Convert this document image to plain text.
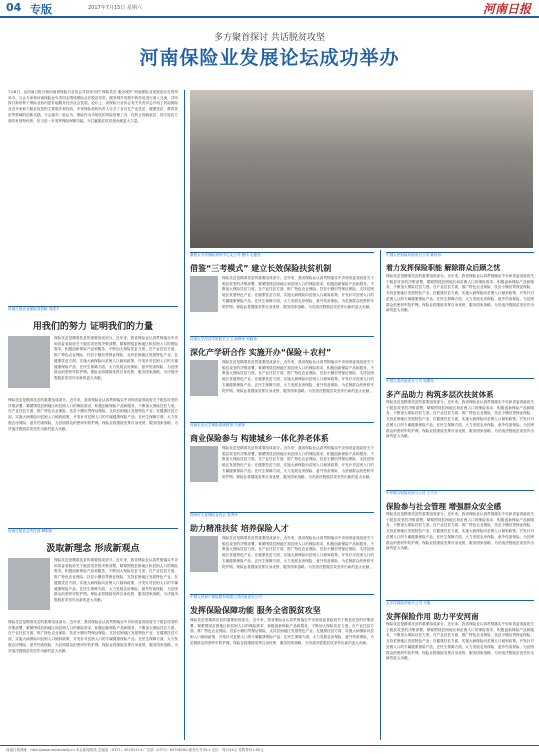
04 专版	2017年7月15日 星期六	河南日报
多方聚首探讨 共话脱贫攻坚
河南保险业发展论坛成功举办
7月8日，由河南日报社和河南省保险行业协会共同举办的“保险扶贫 服务城乡”河南保险业发展论坛在郑州举办。与会专家和河南保险业负责同志围绕保险业在脱贫攻坚、服务城乡发展中的作用进行深入交流，共同探讨新形势下保险业如何更好地服务经济社会发展。论坛上，省保险行业协会有关负责同志介绍了河南保险业近年来助力脱贫攻坚的主要做法和经验，多家保险机构负责人分享了各自在产业扶贫、健康扶贫、教育扶贫等领域的创新实践。与会嘉宾一致认为，保险作为市场化的风险管理工具，在防止因病致贫、因灾返贫方面具有独特优势，应当进一步发挥保险保障功能，为打赢脱贫攻坚战贡献更大力量。
河南日报农业保险部供稿 刘建平
用我们的努力 证明我们的力量
保险扶贫是精准扶贫的重要组成部分。近年来，我省保险业认真贯彻落实中央和省委省政府关于脱贫攻坚的决策部署，紧紧围绕贫困地区和贫困人口的保险需求，积极创新保险产品和服务，不断加大保险扶贫力度。在产业扶贫方面，推广特色农业保险、扶贫小额信贷保证保险，支持贫困地区发展特色产业；在健康扶贫方面，实施大病保险向贫困人口倾斜政策，开发针对贫困人口的专属健康保险产品；在民生保障方面，大力发展农房保险、意外伤害保险，为贫困群众织密织牢防护网。保险业将继续发挥自身优势，服务国家战略，为决战决胜脱贫攻坚作出新的更大贡献。
保险扶贫是精准扶贫的重要组成部分。近年来，我省保险业认真贯彻落实中央和省委省政府关于脱贫攻坚的决策部署，紧紧围绕贫困地区和贫困人口的保险需求，积极创新保险产品和服务，不断加大保险扶贫力度。在产业扶贫方面，推广特色农业保险、扶贫小额信贷保证保险，支持贫困地区发展特色产业；在健康扶贫方面，实施大病保险向贫困人口倾斜政策，开发针对贫困人口的专属健康保险产品；在民生保障方面，大力发展农房保险、意外伤害保险，为贫困群众织密织牢防护网。保险业将继续发挥自身优势，服务国家战略，为决战决胜脱贫攻坚作出新的更大贡献。
河南日报社会责任部 柳银萍
汲取新理念 形成新观点
保险扶贫是精准扶贫的重要组成部分。近年来，我省保险业认真贯彻落实中央和省委省政府关于脱贫攻坚的决策部署，紧紧围绕贫困地区和贫困人口的保险需求，积极创新保险产品和服务，不断加大保险扶贫力度。在产业扶贫方面，推广特色农业保险、扶贫小额信贷保证保险，支持贫困地区发展特色产业；在健康扶贫方面，实施大病保险向贫困人口倾斜政策，开发针对贫困人口的专属健康保险产品；在民生保障方面，大力发展农房保险、意外伤害保险，为贫困群众织密织牢防护网。保险业将继续发挥自身优势，服务国家战略，为决战决胜脱贫攻坚作出新的更大贡献。
保险扶贫是精准扶贫的重要组成部分。近年来，我省保险业认真贯彻落实中央和省委省政府关于脱贫攻坚的决策部署，紧紧围绕贫困地区和贫困人口的保险需求，积极创新保险产品和服务，不断加大保险扶贫力度。在产业扶贫方面，推广特色农业保险、扶贫小额信贷保证保险，支持贫困地区发展特色产业；在健康扶贫方面，实施大病保险向贫困人口倾斜政策，开发针对贫困人口的专属健康保险产品；在民生保障方面，大力发展农房保险、意外伤害保险，为贫困群众织密织牢防护网。保险业将继续发挥自身优势，服务国家战略，为决战决胜脱贫攻坚作出新的更大贡献。
重阳太平洋保险郑州中心支公司 鲁伟 毛德亮
借鉴“三考模式” 建立长效保险扶贫机制
保险扶贫是精准扶贫的重要组成部分。近年来，我省保险业认真贯彻落实中央和省委省政府关于脱贫攻坚的决策部署，紧紧围绕贫困地区和贫困人口的保险需求，积极创新保险产品和服务，不断加大保险扶贫力度。在产业扶贫方面，推广特色农业保险、扶贫小额信贷保证保险，支持贫困地区发展特色产业；在健康扶贫方面，实施大病保险向贫困人口倾斜政策，开发针对贫困人口的专属健康保险产品；在民生保障方面，大力发展农房保险、意外伤害保险，为贫困群众织密织牢防护网。保险业将继续发挥自身优势，服务国家战略，为决战决胜脱贫攻坚作出新的更大贡献。
河南大学经济学院院长王卫 副教授 何稳善
深化产学研合作 实施开办“保险＋农村”
保险扶贫是精准扶贫的重要组成部分。近年来，我省保险业认真贯彻落实中央和省委省政府关于脱贫攻坚的决策部署，紧紧围绕贫困地区和贫困人口的保险需求，积极创新保险产品和服务，不断加大保险扶贫力度。在产业扶贫方面，推广特色农业保险、扶贫小额信贷保证保险，支持贫困地区发展特色产业；在健康扶贫方面，实施大病保险向贫困人口倾斜政策，开发针对贫困人口的专属健康保险产品；在民生保障方面，大力发展农房保险、意外伤害保险，为贫困群众织密织牢防护网。保险业将继续发挥自身优势，服务国家战略，为决战决胜脱贫攻坚作出新的更大贡献。
河南农业大学保险系副教授 吕丽萍
商业保险参与 构建城乡一体化养老体系
保险扶贫是精准扶贫的重要组成部分。近年来，我省保险业认真贯彻落实中央和省委省政府关于脱贫攻坚的决策部署，紧紧围绕贫困地区和贫困人口的保险需求，积极创新保险产品和服务，不断加大保险扶贫力度。在产业扶贫方面，推广特色农业保险、扶贫小额信贷保证保险，支持贫困地区发展特色产业；在健康扶贫方面，实施大病保险向贫困人口倾斜政策，开发针对贫困人口的专属健康保险产品；在民生保障方面，大力发展农房保险、意外伤害保险，为贫困群众织密织牢防护网。保险业将继续发挥自身优势，服务国家战略，为决战决胜脱贫攻坚作出新的更大贡献。
郑州市人寿保险业协会 张秀玲
助力精准扶贫 培养保险人才
保险扶贫是精准扶贫的重要组成部分。近年来，我省保险业认真贯彻落实中央和省委省政府关于脱贫攻坚的决策部署，紧紧围绕贫困地区和贫困人口的保险需求，积极创新保险产品和服务，不断加大保险扶贫力度。在产业扶贫方面，推广特色农业保险、扶贫小额信贷保证保险，支持贫困地区发展特色产业；在健康扶贫方面，实施大病保险向贫困人口倾斜政策，开发针对贫困人口的专属健康保险产品；在民生保障方面，大力发展农房保险、意外伤害保险，为贫困群众织密织牢防护网。保险业将继续发挥自身优势，服务国家战略，为决战决胜脱贫攻坚作出新的更大贡献。
中国人民财产保险股份有限公司河南省分公司
发挥保险保障功能 服务全省脱贫攻坚
保险扶贫是精准扶贫的重要组成部分。近年来，我省保险业认真贯彻落实中央和省委省政府关于脱贫攻坚的决策部署，紧紧围绕贫困地区和贫困人口的保险需求，积极创新保险产品和服务，不断加大保险扶贫力度。在产业扶贫方面，推广特色农业保险、扶贫小额信贷保证保险，支持贫困地区发展特色产业；在健康扶贫方面，实施大病保险向贫困人口倾斜政策，开发针对贫困人口的专属健康保险产品；在民生保障方面，大力发展农房保险、意外伤害保险，为贫困群众织密织牢防护网。保险业将继续发挥自身优势，服务国家战略，为决战决胜脱贫攻坚作出新的更大贡献。
中国人民财险河南省分公司 黄培培
着力发挥保险职能 解除群众后顾之忧
保险扶贫是精准扶贫的重要组成部分。近年来，我省保险业认真贯彻落实中央和省委省政府关于脱贫攻坚的决策部署，紧紧围绕贫困地区和贫困人口的保险需求，积极创新保险产品和服务，不断加大保险扶贫力度。在产业扶贫方面，推广特色农业保险、扶贫小额信贷保证保险，支持贫困地区发展特色产业；在健康扶贫方面，实施大病保险向贫困人口倾斜政策，开发针对贫困人口的专属健康保险产品；在民生保障方面，大力发展农房保险、意外伤害保险，为贫困群众织密织牢防护网。保险业将继续发挥自身优势，服务国家战略，为决战决胜脱贫攻坚作出新的更大贡献。
中国人寿河南省分公司 周增亮
多产品助力 构筑多层次扶贫体系
保险扶贫是精准扶贫的重要组成部分。近年来，我省保险业认真贯彻落实中央和省委省政府关于脱贫攻坚的决策部署，紧紧围绕贫困地区和贫困人口的保险需求，积极创新保险产品和服务，不断加大保险扶贫力度。在产业扶贫方面，推广特色农业保险、扶贫小额信贷保证保险，支持贫困地区发展特色产业；在健康扶贫方面，实施大病保险向贫困人口倾斜政策，开发针对贫困人口的专属健康保险产品；在民生保障方面，大力发展农房保险、意外伤害保险，为贫困群众织密织牢防护网。保险业将继续发挥自身优势，服务国家战略，为决战决胜脱贫攻坚作出新的更大贡献。
中华联合财险河南分公司 王小平
保险参与社会管理 增强群众安全感
保险扶贫是精准扶贫的重要组成部分。近年来，我省保险业认真贯彻落实中央和省委省政府关于脱贫攻坚的决策部署，紧紧围绕贫困地区和贫困人口的保险需求，积极创新保险产品和服务，不断加大保险扶贫力度。在产业扶贫方面，推广特色农业保险、扶贫小额信贷保证保险，支持贫困地区发展特色产业；在健康扶贫方面，实施大病保险向贫困人口倾斜政策，开发针对贫困人口的专属健康保险产品；在民生保障方面，大力发展农房保险、意外伤害保险，为贫困群众织密织牢防护网。保险业将继续发挥自身优势，服务国家战略，为决战决胜脱贫攻坚作出新的更大贡献。
太平洋财险河南分公司 马瑞
发挥保险作用 助力平安河南
保险扶贫是精准扶贫的重要组成部分。近年来，我省保险业认真贯彻落实中央和省委省政府关于脱贫攻坚的决策部署，紧紧围绕贫困地区和贫困人口的保险需求，积极创新保险产品和服务，不断加大保险扶贫力度。在产业扶贫方面，推广特色农业保险、扶贫小额信贷保证保险，支持贫困地区发展特色产业；在健康扶贫方面，实施大病保险向贫困人口倾斜政策，开发针对贫困人口的专属健康保险产品；在民生保障方面，大力发展农房保险、意外伤害保险，为贫困群众织密织牢防护网。保险业将继续发挥自身优势，服务国家战略，为决战决胜脱贫攻坚作出新的更大贡献。
河南日报网址：http://www.henandaily.cn 本社新闻热线 总编室（0371）65795114 广告部（0371）65796260 邮发代号35-1 定价：每月54元 零售每份1.80元
